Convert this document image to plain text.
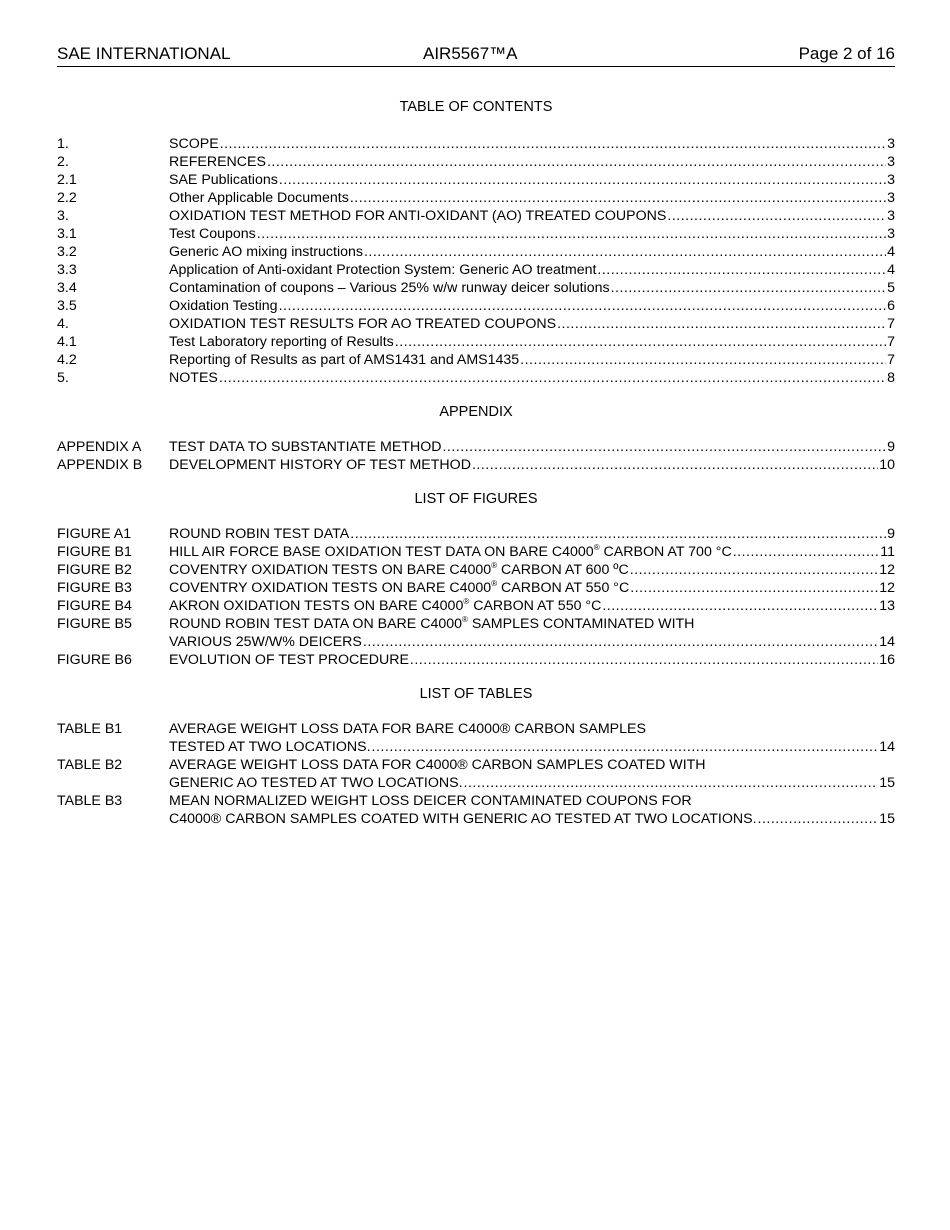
SAE INTERNATIONAL	AIR5567™A	Page 2 of 16
TABLE OF CONTENTS
1.	SCOPE .....	3
2.	REFERENCES .....	3
2.1	SAE Publications .....	3
2.2	Other Applicable Documents .....	3
3.	OXIDATION TEST METHOD FOR ANTI-OXIDANT (AO) TREATED COUPONS .....	3
3.1	Test Coupons .....	3
3.2	Generic AO mixing instructions .....	4
3.3	Application of Anti-oxidant Protection System: Generic AO treatment .....	4
3.4	Contamination of coupons – Various 25% w/w runway deicer solutions .....	5
3.5	Oxidation Testing .....	6
4.	OXIDATION TEST RESULTS FOR AO TREATED COUPONS .....	7
4.1	Test Laboratory reporting of Results .....	7
4.2	Reporting of Results as part of AMS1431 and AMS1435 .....	7
5.	NOTES .....	8
APPENDIX
APPENDIX A	TEST DATA TO SUBSTANTIATE METHOD .....	9
APPENDIX B	DEVELOPMENT HISTORY OF TEST METHOD .....	10
LIST OF FIGURES
FIGURE A1	ROUND ROBIN TEST DATA .....	9
FIGURE B1	HILL AIR FORCE BASE OXIDATION TEST DATA ON BARE C4000® CARBON AT 700 °C .....	11
FIGURE B2	COVENTRY OXIDATION TESTS ON BARE C4000® CARBON AT 600 ºC .....	12
FIGURE B3	COVENTRY OXIDATION TESTS ON BARE C4000® CARBON AT 550 °C .....	12
FIGURE B4	AKRON OXIDATION TESTS ON BARE C4000® CARBON AT 550 °C .....	13
FIGURE B5	ROUND ROBIN TEST DATA ON BARE C4000® SAMPLES CONTAMINATED WITH
VARIOUS 25W/W% DEICERS .....	14
FIGURE B6	EVOLUTION OF TEST PROCEDURE .....	16
LIST OF TABLES
TABLE B1	AVERAGE WEIGHT LOSS DATA FOR BARE C4000® CARBON SAMPLES
TESTED AT TWO LOCATIONS. .....	14
TABLE B2	AVERAGE WEIGHT LOSS DATA FOR C4000® CARBON SAMPLES COATED WITH
GENERIC AO TESTED AT TWO LOCATIONS. .....	15
TABLE B3	MEAN NORMALIZED WEIGHT LOSS DEICER CONTAMINATED COUPONS FOR
C4000® CARBON SAMPLES COATED WITH GENERIC AO TESTED AT TWO LOCATIONS. .....	15
